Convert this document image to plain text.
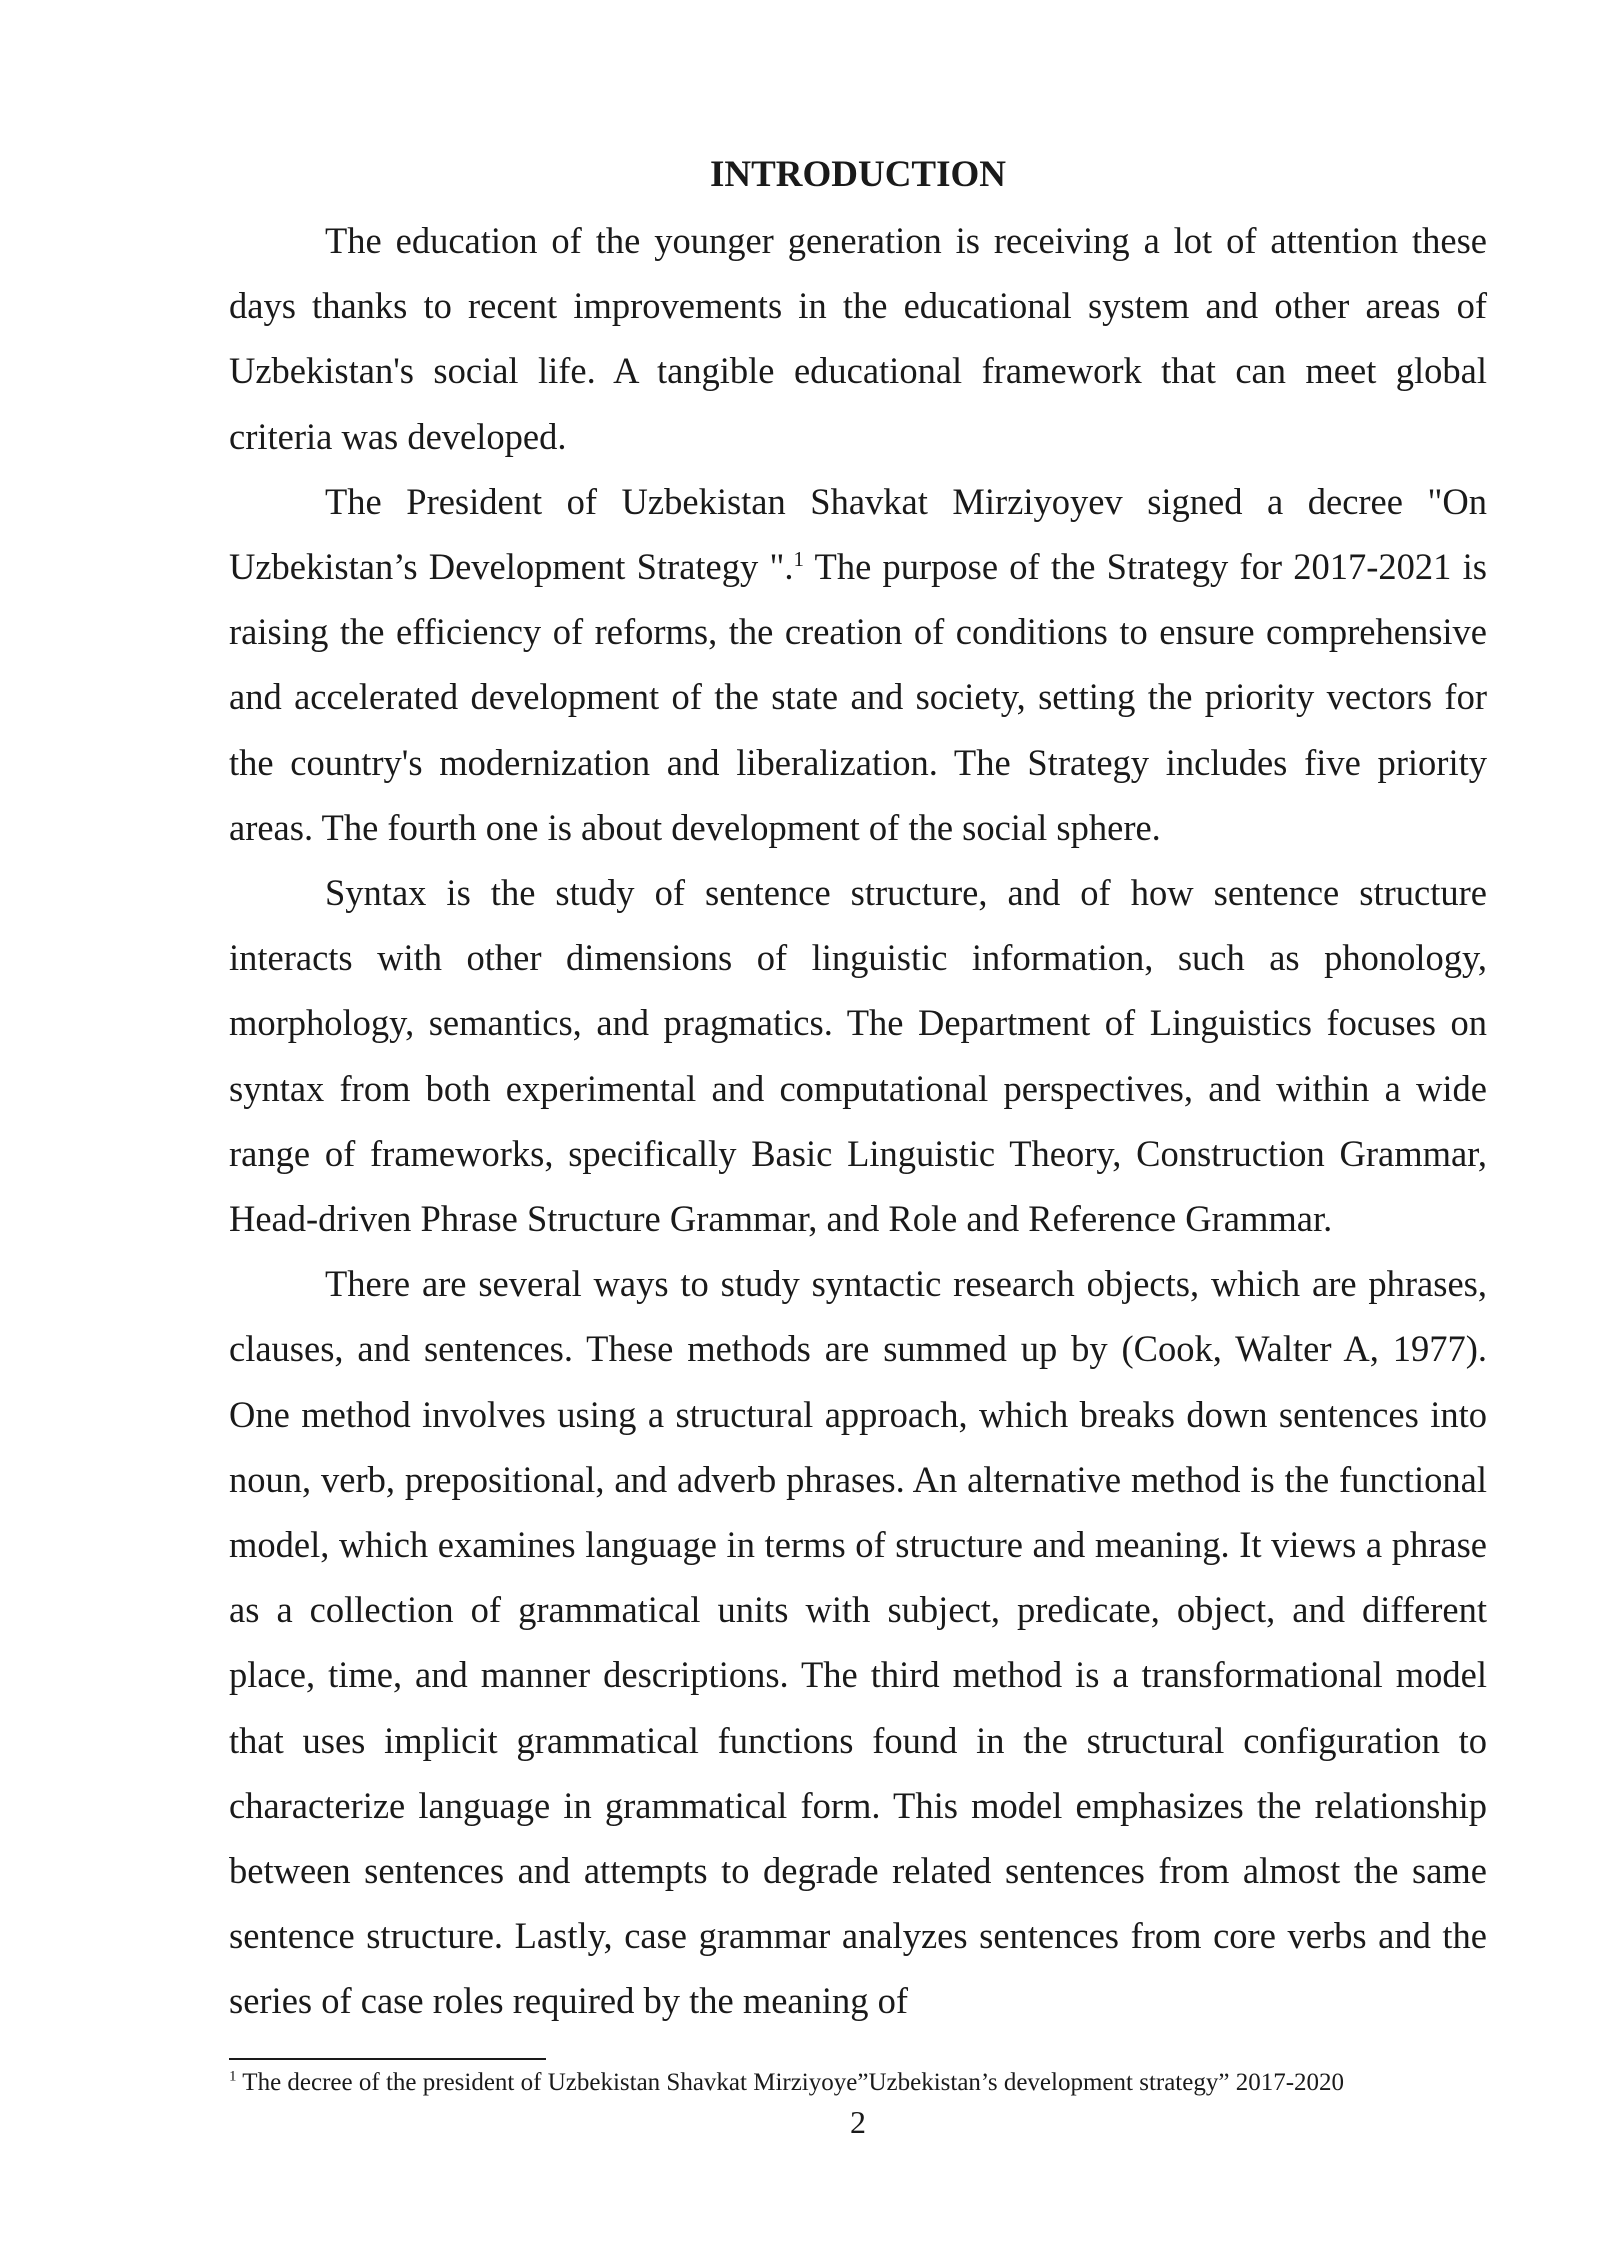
INTRODUCTION

The education of the younger generation is receiving a lot of attention these days thanks to recent improvements in the educational system and other areas of Uzbekistan's social life. A tangible educational framework that can meet global criteria was developed.

The President of Uzbekistan Shavkat Mirziyoyev signed a decree "On Uzbekistan’s Development Strategy ".$^1$ The purpose of the Strategy for 2017-2021 is raising the efficiency of reforms, the creation of conditions to ensure comprehensive and accelerated development of the state and society, setting the priority vectors for the country's modernization and liberalization. The Strategy includes five priority areas. The fourth one is about development of the social sphere.

Syntax is the study of sentence structure, and of how sentence structure interacts with other dimensions of linguistic information, such as phonology, morphology, semantics, and pragmatics. The Department of Linguistics focuses on syntax from both experimental and computational perspectives, and within a wide range of frameworks, specifically Basic Linguistic Theory, Construction Grammar, Head-driven Phrase Structure Grammar, and Role and Reference Grammar.

There are several ways to study syntactic research objects, which are phrases, clauses, and sentences. These methods are summed up by (Cook, Walter A, 1977). One method involves using a structural approach, which breaks down sentences into noun, verb, prepositional, and adverb phrases. An alternative method is the functional model, which examines language in terms of structure and meaning. It views a phrase as a collection of grammatical units with subject, predicate, object, and different place, time, and manner descriptions. The third method is a transformational model that uses implicit grammatical functions found in the structural configuration to characterize language in grammatical form. This model emphasizes the relationship between sentences and attempts to degrade related sentences from almost the same sentence structure. Lastly, case grammar analyzes sentences from core verbs and the series of case roles required by the meaning of

$^1$ The decree of the president of Uzbekistan Shavkat Mirziyoye”Uzbekistan’s development strategy” 2017-2020
2
